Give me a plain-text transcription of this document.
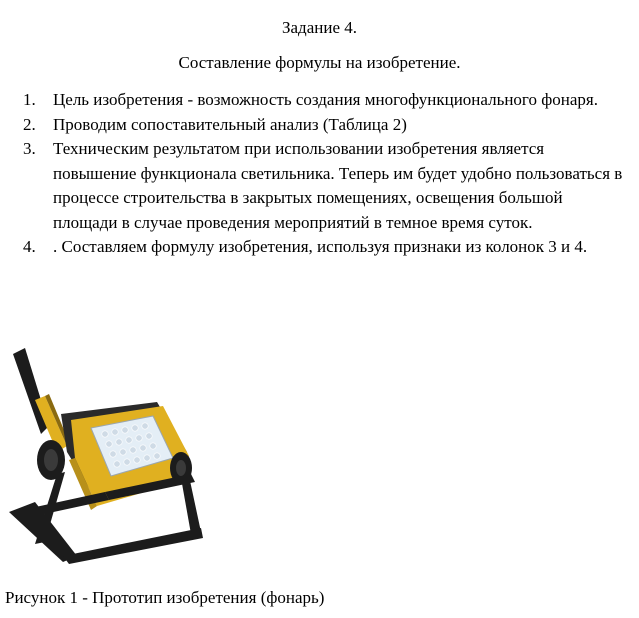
Задание 4.
Составление формулы на изобретение.
1. Цель изобретения - возможность создания многофункционального фонаря.
2. Проводим сопоставительный анализ (Таблица 2)
3. Техническим результатом при использовании изобретения является повышение функционала светильника. Теперь им будет удобно пользоваться в процессе строительства в закрытых помещениях, освещения большой площади в случае проведения мероприятий в темное время суток.
4. . Составляем формулу изобретения, используя признаки из колонок 3 и 4.
Рисунок 1 - Прототип изобретения (фонарь)
